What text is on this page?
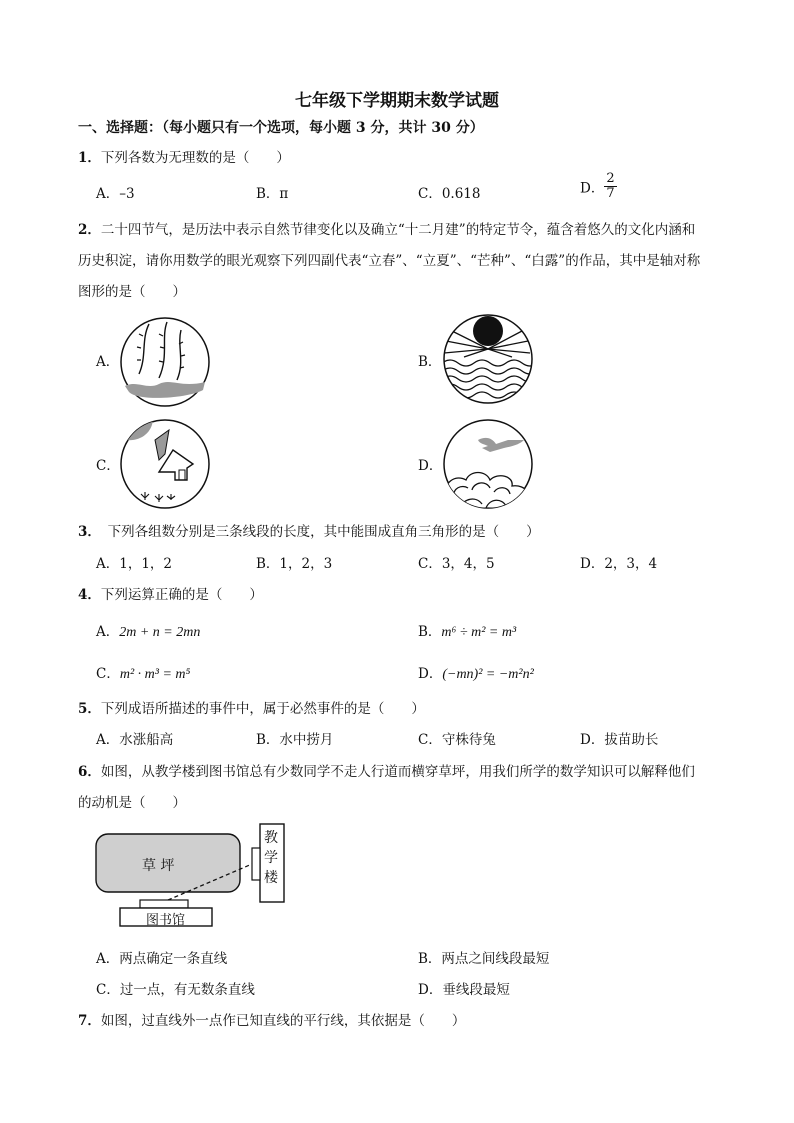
七年级下学期期末数学试题
一、选择题：（每小题只有一个选项，每小题 3 分，共计 30 分）
1．下列各数为无理数的是（　　）
A．–3	B．π	C．0.618	D． $\frac{2}{7}$
2．二十四节气，是历法中表示自然节律变化以及确立“十二月建”的特定节令，蕴含着悠久的文化内涵和
历史积淀，请你用数学的眼光观察下列四副代表“立春”、“立夏”、“芒种”、“白露”的作品，其中是轴对称
图形的是（　　）
A．	B．
C．	D．
3．　下列各组数分别是三条线段的长度，其中能围成直角三角形的是（　　）
A．1，1，2	B．1，2，3	C．3，4，5	D．2，3，4
4．下列运算正确的是（　　）
A．2m + n = 2mn	B．m⁶ ÷ m² = m³
C．m² · m³ = m⁵	D．(−mn)² = −m²n²
5．下列成语所描述的事件中，属于必然事件的是（　　）
A．水涨船高	B．水中捞月	C．守株待兔	D．拔苗助长
6．如图，从教学楼到图书馆总有少数同学不走人行道而横穿草坪，用我们所学的数学知识可以解释他们
的动机是（　　）
草 坪
教
学
楼
图书馆
A．两点确定一条直线	B．两点之间线段最短
C．过一点，有无数条直线	D．垂线段最短
7．如图，过直线外一点作已知直线的平行线，其依据是（　　）
